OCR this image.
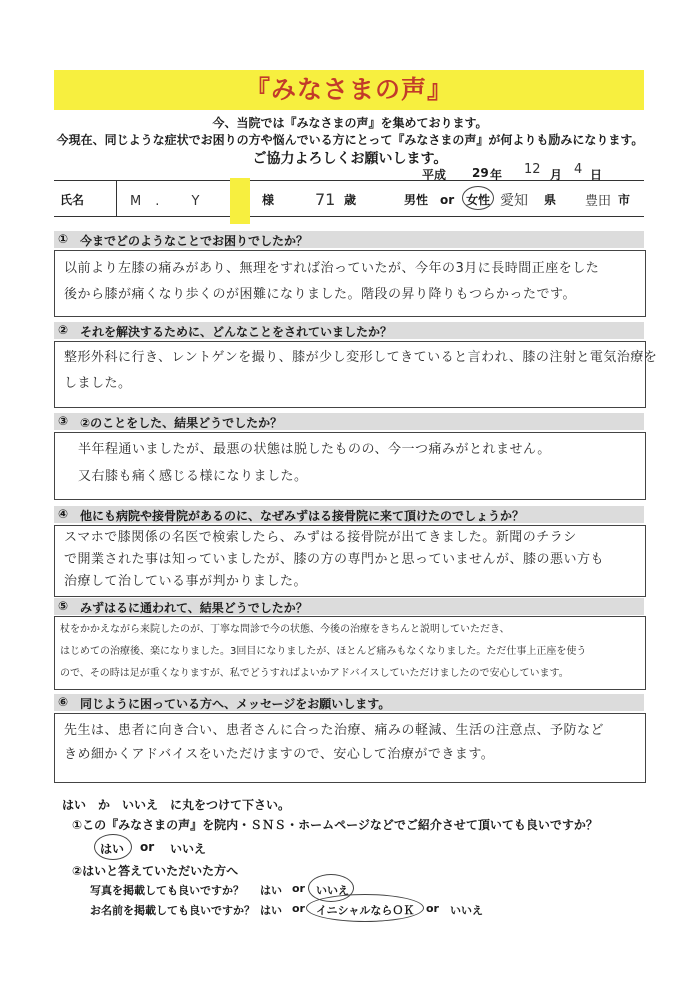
『みなさまの声』
今、当院では『みなさまの声』を集めております。
今現在、同じような症状でお困りの方や悩んでいる方にとって『みなさまの声』が何よりも励みになります。
ご協力よろしくお願いします。
平成 29 年 12 月 4 日
氏名	M. Y	様	71 歳	男性　or　女性 愛知 県 豊田 市
① 今までどのようなことでお困りでしたか？
以前より左膝の痛みがあり、無理をすれば治っていたが、今年の3月に長時間正座をした
後から膝が痛くなり歩くのが困難になりました。階段の昇り降りもつらかったです。
② それを解決するために、どんなことをされていましたか？
整形外科に行き、レントゲンを撮り、膝が少し変形してきていると言われ、膝の注射と電気治療を
しました。
③ ②のことをした、結果どうでしたか？
半年程通いましたが、最悪の状態は脱したものの、今一つ痛みがとれません。
又右膝も痛く感じる様になりました。
④ 他にも病院や接骨院があるのに、なぜみずはる接骨院に来て頂けたのでしょうか？
スマホで膝関係の名医で検索したら、みずはる接骨院が出てきました。新聞のチラシ
で開業された事は知っていましたが、膝の方の専門かと思っていませんが、膝の悪い方も
治療して治している事が判かりました。
⑤ みずはるに通われて、結果どうでしたか？
杖をかかえながら来院したのが、丁寧な問診で今の状態、今後の治療をきちんと説明していただき、
はじめての治療後、楽になりました。3回目になりましたが、ほとんど痛みもなくなりました。ただ仕事上正座を使う
ので、その時は足が重くなりますが、私でどうすればよいかアドバイスしていただけましたので安心しています。
⑥ 同じように困っている方へ、メッセージをお願いします。
先生は、患者に向き合い、患者さんに合った治療、痛みの軽減、生活の注意点、予防など
きめ細かくアドバイスをいただけますので、安心して治療ができます。
はい　か　いいえ　に丸をつけて下さい。
①この『みなさまの声』を院内・ＳＮＳ・ホームページなどでご紹介させて頂いても良いですか？
はい or いいえ
②はいと答えていただいた方へ
写真を掲載しても良いですか？ はい or いいえ
お名前を掲載しても良いですか？ はい or イニシャルならＯＫ or いいえ
